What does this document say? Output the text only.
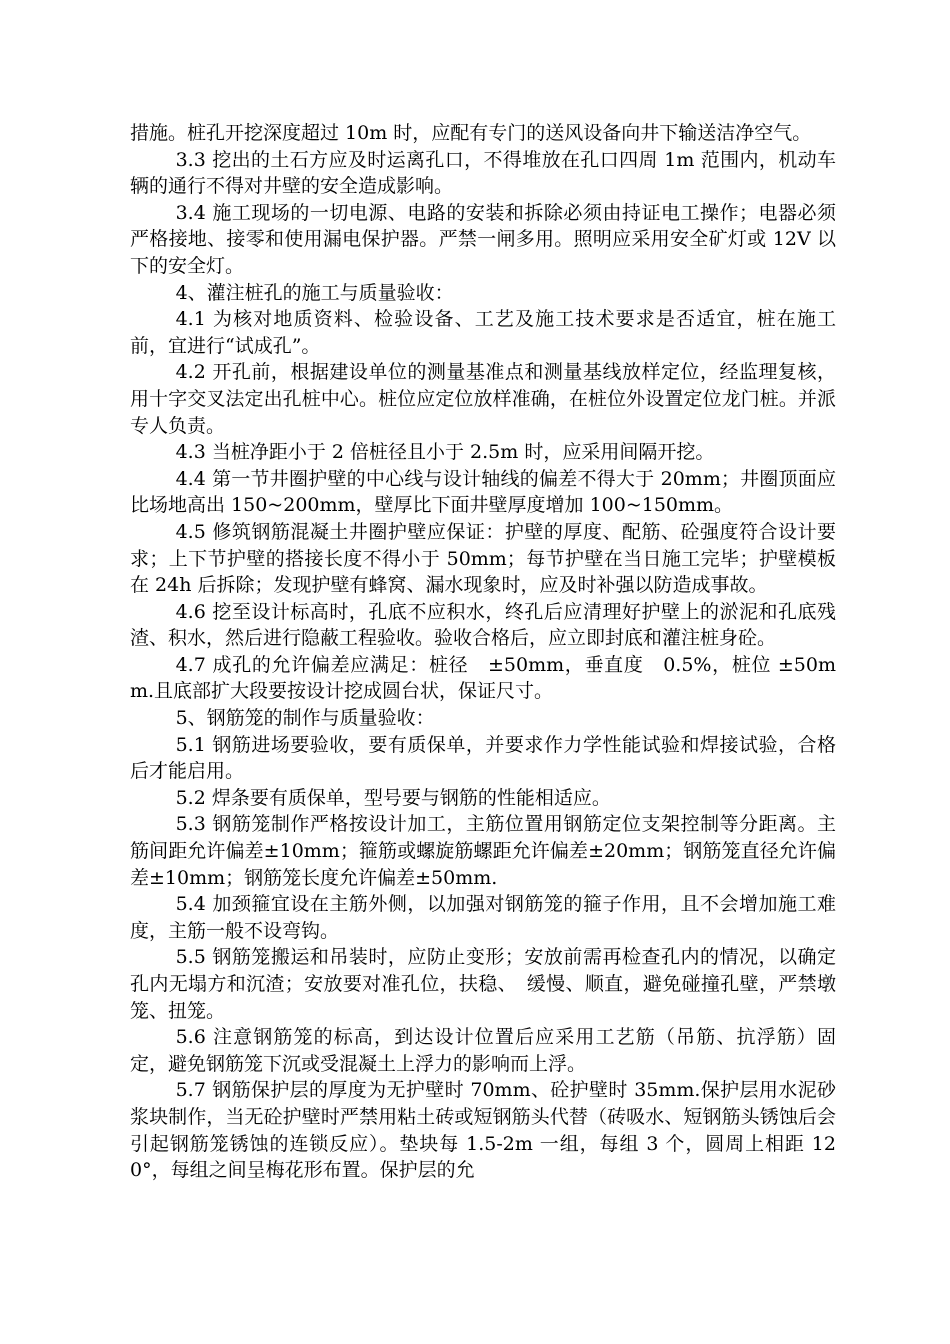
措施。桩孔开挖深度超过 10m 时，应配有专门的送风设备向井下输送洁净空气。

3.3 挖出的土石方应及时运离孔口，不得堆放在孔口四周 1m 范围内，机动车辆的通行不得对井壁的安全造成影响。

3.4 施工现场的一切电源、电路的安装和拆除必须由持证电工操作；电器必须严格接地、接零和使用漏电保护器。严禁一闸多用。照明应采用安全矿灯或 12V 以下的安全灯。

4、灌注桩孔的施工与质量验收：

4.1 为核对地质资料、检验设备、工艺及施工技术要求是否适宜，桩在施工前，宜进行“试成孔”。

4.2 开孔前，根据建设单位的测量基准点和测量基线放样定位，经监理复核，用十字交叉法定出孔桩中心。桩位应定位放样准确，在桩位外设置定位龙门桩。并派专人负责。

4.3 当桩净距小于 2 倍桩径且小于 2.5m 时，应采用间隔开挖。

4.4 第一节井圈护壁的中心线与设计轴线的偏差不得大于 20mm；井圈顶面应比场地高出 150~200mm，壁厚比下面井壁厚度增加 100~150mm。

4.5 修筑钢筋混凝土井圈护壁应保证：护壁的厚度、配筋、砼强度符合设计要求；上下节护壁的搭接长度不得小于 50mm；每节护壁在当日施工完毕；护壁模板在 24h 后拆除；发现护壁有蜂窝、漏水现象时，应及时补强以防造成事故。

4.6 挖至设计标高时，孔底不应积水，终孔后应清理好护壁上的淤泥和孔底残渣、积水，然后进行隐蔽工程验收。验收合格后，应立即封底和灌注桩身砼。

4.7 成孔的允许偏差应满足：桩径　±50mm，垂直度　0.5%，桩位 ±50mm.且底部扩大段要按设计挖成圆台状，保证尺寸。

5、钢筋笼的制作与质量验收：

5.1 钢筋进场要验收，要有质保单，并要求作力学性能试验和焊接试验，合格后才能启用。

5.2 焊条要有质保单，型号要与钢筋的性能相适应。

5.3 钢筋笼制作严格按设计加工，主筋位置用钢筋定位支架控制等分距离。主筋间距允许偏差±10mm；箍筋或螺旋筋螺距允许偏差±20mm；钢筋笼直径允许偏差±10mm；钢筋笼长度允许偏差±50mm.

5.4 加颈箍宜设在主筋外侧，以加强对钢筋笼的箍子作用，且不会增加施工难度，主筋一般不设弯钩。

5.5 钢筋笼搬运和吊装时，应防止变形；安放前需再检查孔内的情况，以确定孔内无塌方和沉渣；安放要对准孔位，扶稳、　缓慢、顺直，避免碰撞孔壁，严禁墩笼、扭笼。

5.6 注意钢筋笼的标高，到达设计位置后应采用工艺筋（吊筋、抗浮筋）固定，避免钢筋笼下沉或受混凝土上浮力的影响而上浮。

5.7 钢筋保护层的厚度为无护壁时 70mm、砼护壁时 35mm.保护层用水泥砂浆块制作，当无砼护壁时严禁用粘土砖或短钢筋头代替（砖吸水、短钢筋头锈蚀后会引起钢筋笼锈蚀的连锁反应）。垫块每 1.5-2m 一组，每组 3 个，圆周上相距 120°，每组之间呈梅花形布置。保护层的允
